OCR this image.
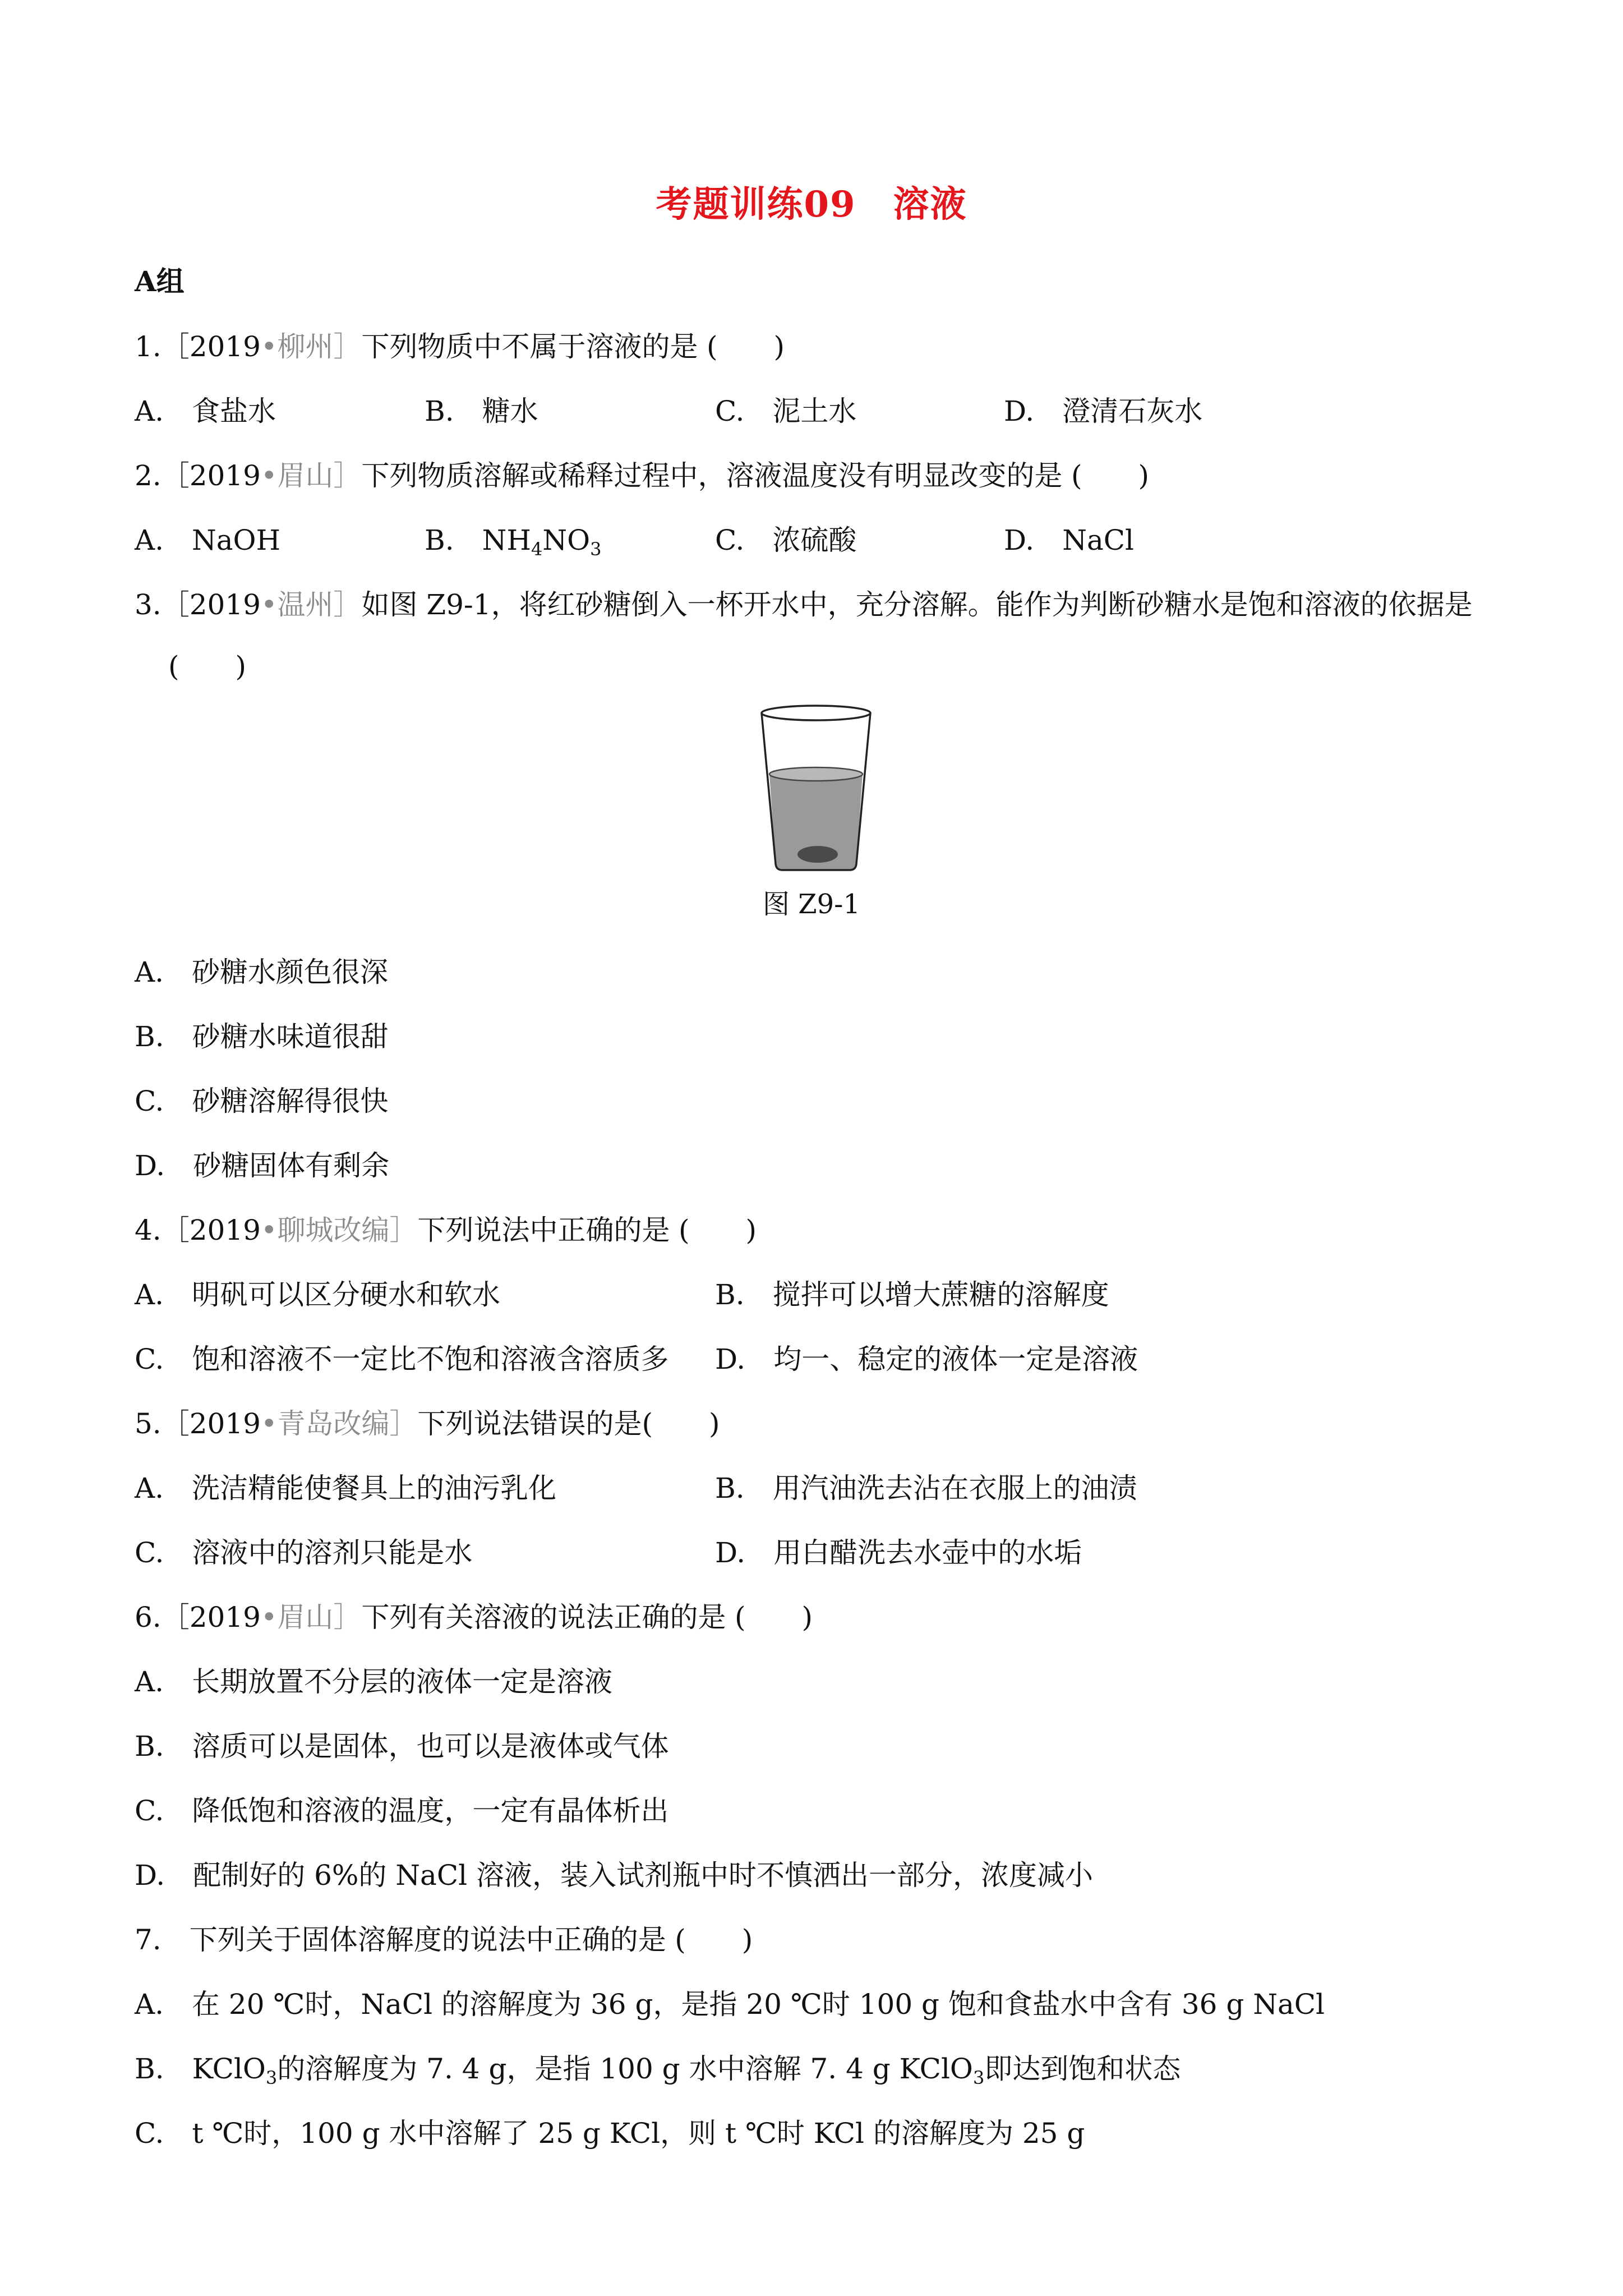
考题训练09　溶液
A组
1.［2019•柳州］下列物质中不属于溶液的是 (　　)
A.　食盐水	B.　糖水	C.　泥土水	D.　澄清石灰水
2.［2019•眉山］下列物质溶解或稀释过程中，溶液温度没有明显改变的是 (　　)
A.　NaOH	B.　$NH_4NO_3$	C.　浓硫酸	D.　NaCl
3.［2019•温州］如图 Z9-1，将红砂糖倒入一杯开水中，充分溶解。能作为判断砂糖水是饱和溶液的依据是
(　　)
图 Z9-1
A.　砂糖水颜色很深
B.　砂糖水味道很甜
C.　砂糖溶解得很快
D.　砂糖固体有剩余
4.［2019•聊城改编］下列说法中正确的是 (　　)
A.　明矾可以区分硬水和软水	B.　搅拌可以增大蔗糖的溶解度
C.　饱和溶液不一定比不饱和溶液含溶质多 D.　均一、稳定的液体一定是溶液
5.［2019•青岛改编］下列说法错误的是(　　)
A.　洗洁精能使餐具上的油污乳化	B.　用汽油洗去沾在衣服上的油渍
C.　溶液中的溶剂只能是水	D.　用白醋洗去水壶中的水垢
6.［2019•眉山］下列有关溶液的说法正确的是 (　　)
A.　长期放置不分层的液体一定是溶液
B.　溶质可以是固体，也可以是液体或气体
C.　降低饱和溶液的温度，一定有晶体析出
D.　配制好的 6%的 NaCl 溶液，装入试剂瓶中时不慎洒出一部分，浓度减小
7.　下列关于固体溶解度的说法中正确的是 (　　)
A.　在 20 ℃时，NaCl 的溶解度为 36 g，是指 20 ℃时 100 g 饱和食盐水中含有 36 g NaCl
B.　KClO$_3$的溶解度为 7. 4 g，是指 100 g 水中溶解 7. 4 g KClO$_3$即达到饱和状态
C.　t ℃时，100 g 水中溶解了 25 g KCl，则 t ℃时 KCl 的溶解度为 25 g
